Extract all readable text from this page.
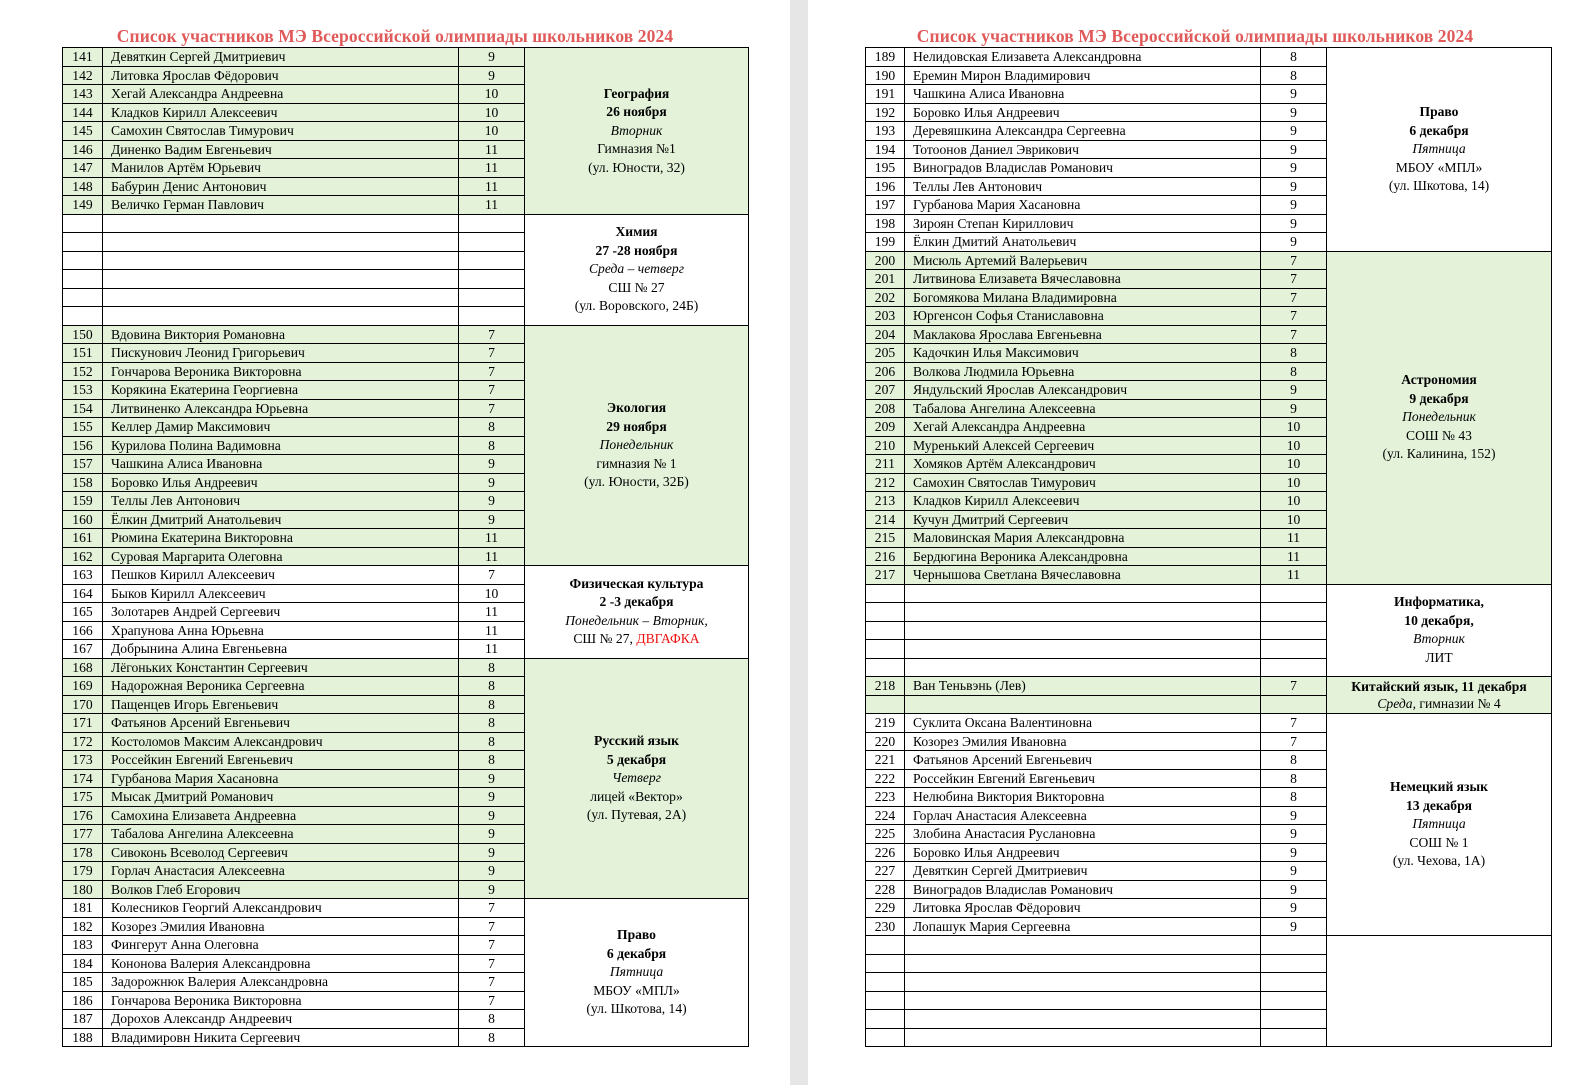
Список участников МЭ Всероссийской олимпиады школьников 2024
141	Девяткин Сергей Дмитриевич	9	География
26 ноября
Вторник
Гимназия №1
(ул. Юности, 32)

142	Литовка Ярослав Фёдорович	9	
143	Хегай Александра Андреевна	10	
144	Кладков Кирилл Алексеевич	10	
145	Самохин Святослав Тимурович	10	
146	Диненко Вадим Евгеньевич	11	
147	Манилов Артём Юрьевич	11	
148	Бабурин Денис Антонович	11	
149	Величко Герман Павлович	11	

			Химия
27 -28 ноября
Среда – четверг
СШ № 27
(ул. Воровского, 24Б)

150	Вдовина Виктория Романовна	7	Экология
29 ноября
Понедельник
гимназия № 1
(ул. Юности, 32Б)

151	Пискунович Леонид Григорьевич	7	
152	Гончарова Вероника Викторовна	7	
153	Корякина Екатерина Георгиевна	7	
154	Литвиненко Александра Юрьевна	7	
155	Келлер Дамир Максимович	8	
156	Курилова Полина Вадимовна	8	
157	Чашкина Алиса Ивановна	9	
158	Боровко Илья Андреевич	9	
159	Теллы Лев Антонович	9	
160	Ёлкин Дмитрий Анатольевич	9	
161	Рюмина Екатерина Викторовна	11	
162	Суровая Маргарита Олеговна	11	
163	Пешков Кирилл Алексеевич	7	Физическая культура
2 -3 декабря
Понедельник – Вторник,
СШ № 27, ДВГАФКА

164	Быков Кирилл Алексеевич	10	
165	Золотарев Андрей Сергеевич	11	
166	Храпунова Анна Юрьевна	11	
167	Добрынина Алина Евгеньевна	11	
168	Лёгоньких Константин Сергеевич	8	Русский язык
5 декабря
Четверг
лицей «Вектор»
(ул. Путевая, 2А)

169	Надорожная Вероника Сергеевна	8	
170	Пащенцев Игорь Евгеньевич	8	
171	Фатьянов Арсений Евгеньевич	8	
172	Костоломов Максим Александрович	8	
173	Россейкин Евгений Евгеньевич	8	
174	Гурбанова Мария Хасановна	9	
175	Мысак Дмитрий Романович	9	
176	Самохина Елизавета Андреевна	9	
177	Табалова Ангелина Алексеевна	9	
178	Сивоконь Всеволод Сергеевич	9	
179	Горлач Анастасия Алексеевна	9	
180	Волков Глеб Егорович	9	
181	Колесников Георгий Александрович	7	Право
6 декабря
Пятница
МБОУ «МПЛ»
(ул. Шкотова, 14)

182	Козорез Эмилия Ивановна	7	
183	Фингерут Анна Олеговна	7	
184	Кононова Валерия Александровна	7	
185	Задорожнюк Валерия Александровна	7	
186	Гончарова Вероника Викторовна	7	
187	Дорохов Александр Андреевич	8	
188	Владимировн Никита Сергеевич	8	
Список участников МЭ Всероссийской олимпиады школьников 2024
189	Нелидовская Елизавета Александровна	8	Право
6 декабря
Пятница
МБОУ «МПЛ»
(ул. Шкотова, 14)

190	Еремин Мирон Владимирович	8	
191	Чашкина Алиса Ивановна	9	
192	Боровко Илья Андреевич	9	
193	Деревяшкина Александра Сергеевна	9	
194	Тотоонов Даниел Эврикович	9	
195	Виноградов Владислав Романович	9	
196	Теллы Лев Антонович	9	
197	Гурбанова Мария Хасановна	9	
198	Зироян Степан Кириллович	9	
199	Ёлкин Дмитий Анатольевич	9	
200	Мисюль Артемий Валерьевич	7	Астрономия
9 декабря
Понедельник
СОШ № 43
(ул. Калинина, 152)

201	Литвинова Елизавета Вячеславовна	7	
202	Богомякова Милана Владимировна	7	
203	Юргенсон Софья Станиславовна	7	
204	Маклакова Ярослава Евгеньевна	7	
205	Кадочкин Илья Максимович	8	
206	Волкова Людмила Юрьевна	8	
207	Яндульский Ярослав Александрович	9	
208	Табалова Ангелина Алексеевна	9	
209	Хегай Александра Андреевна	10	
210	Муренький Алексей Сергеевич	10	
211	Хомяков Артём Александрович	10	
212	Самохин Святослав Тимурович	10	
213	Кладков Кирилл Алексеевич	10	
214	Кучун Дмитрий Сергеевич	10	
215	Маловинская Мария Александровна	11	
216	Бердюгина Вероника Александровна	11	
217	Чернышова Светлана Вячеславовна	11	

			Информатика,
10 декабря,
Вторник
ЛИТ

218	Ван Теньвэнь (Лев)	7	Китайский язык, 11 декабря
Среда, гимназии № 4

219	Суклита Оксана Валентиновна	7	Немецкий язык
13 декабря
Пятница
СОШ № 1
(ул. Чехова, 1А)

220	Козорез Эмилия Ивановна	7	
221	Фатьянов Арсений Евгеньевич	8	
222	Россейкин Евгений Евгеньевич	8	
223	Нелюбина Виктория Викторовна	8	
224	Горлач Анастасия Алексеевна	9	
225	Злобина Анастасия Руслановна	9	
226	Боровко Илья Андреевич	9	
227	Девяткин Сергей Дмитриевич	9	
228	Виноградов Владислав Романович	9	
229	Литовка Ярослав Фёдорович	9	
230	Лопашук Мария Сергеевна	9	
